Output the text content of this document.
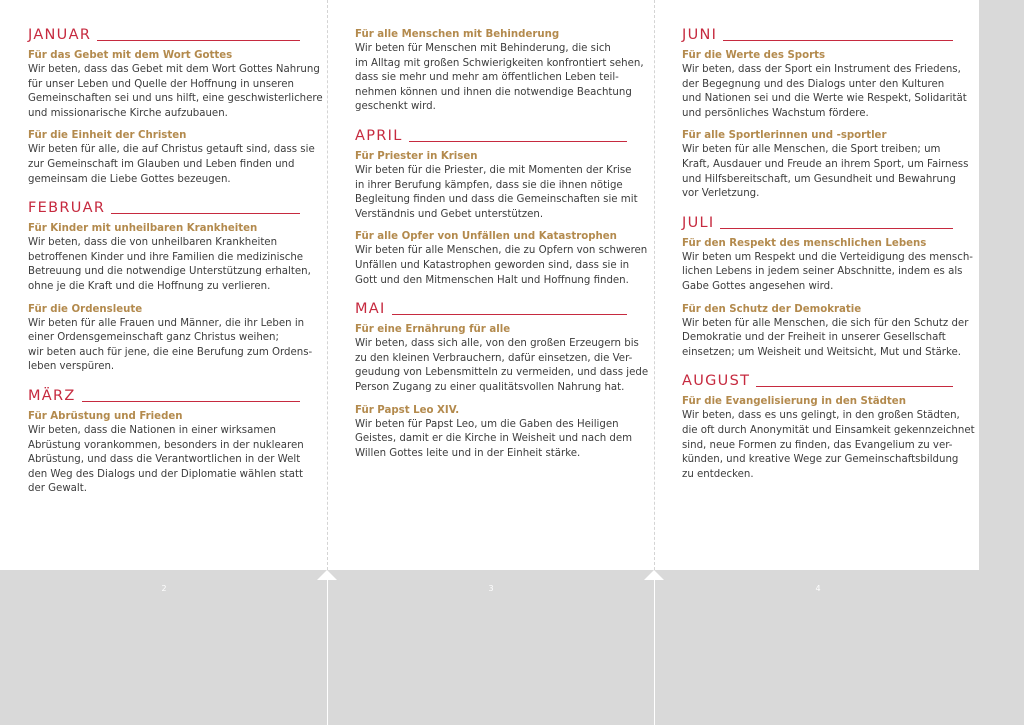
2	3	4
JANUAR
Für das Gebet mit dem Wort Gottes
Wir beten, dass das Gebet mit dem Wort Gottes Nahrung
für unser Leben und Quelle der Hoffnung in unseren
Gemeinschaften sei und uns hilft, eine geschwisterlichere
und missionarische Kirche aufzubauen.
Für die Einheit der Christen
Wir beten für alle, die auf Christus getauft sind, dass sie
zur Gemeinschaft im Glauben und Leben finden und
gemeinsam die Liebe Gottes bezeugen.
FEBRUAR
Für Kinder mit unheilbaren Krankheiten
Wir beten, dass die von unheilbaren Krankheiten
betroffenen Kinder und ihre Familien die medizinische
Betreuung und die notwendige Unterstützung erhalten,
ohne je die Kraft und die Hoffnung zu verlieren.
Für die Ordensleute
Wir beten für alle Frauen und Männer, die ihr Leben in
einer Ordensgemeinschaft ganz Christus weihen;
wir beten auch für jene, die eine Berufung zum Ordens-
leben verspüren.
MÄRZ
Für Abrüstung und Frieden
Wir beten, dass die Nationen in einer wirksamen
Abrüstung vorankommen, besonders in der nuklearen
Abrüstung, und dass die Verantwortlichen in der Welt
den Weg des Dialogs und der Diplomatie wählen statt
der Gewalt.
Für alle Menschen mit Behinderung
Wir beten für Menschen mit Behinderung, die sich
im Alltag mit großen Schwierigkeiten konfrontiert sehen,
dass sie mehr und mehr am öffentlichen Leben teil-
nehmen können und ihnen die notwendige Beachtung
geschenkt wird.
APRIL
Für Priester in Krisen
Wir beten für die Priester, die mit Momenten der Krise
in ihrer Berufung kämpfen, dass sie die ihnen nötige
Begleitung finden und dass die Gemeinschaften sie mit
Verständnis und Gebet unterstützen.
Für alle Opfer von Unfällen und Katastrophen
Wir beten für alle Menschen, die zu Opfern von schweren
Unfällen und Katastrophen geworden sind, dass sie in
Gott und den Mitmenschen Halt und Hoffnung finden.
MAI
Für eine Ernährung für alle
Wir beten, dass sich alle, von den großen Erzeugern bis
zu den kleinen Verbrauchern, dafür einsetzen, die Ver-
geudung von Lebensmitteln zu vermeiden, und dass jede
Person Zugang zu einer qualitätsvollen Nahrung hat.
Für Papst Leo XIV.
Wir beten für Papst Leo, um die Gaben des Heiligen
Geistes, damit er die Kirche in Weisheit und nach dem
Willen Gottes leite und in der Einheit stärke.
JUNI
Für die Werte des Sports
Wir beten, dass der Sport ein Instrument des Friedens,
der Begegnung und des Dialogs unter den Kulturen
und Nationen sei und die Werte wie Respekt, Solidarität
und persönliches Wachstum fördere.
Für alle Sportlerinnen und -sportler
Wir beten für alle Menschen, die Sport treiben; um
Kraft, Ausdauer und Freude an ihrem Sport, um Fairness
und Hilfsbereitschaft, um Gesundheit und Bewahrung
vor Verletzung.
JULI
Für den Respekt des menschlichen Lebens
Wir beten um Respekt und die Verteidigung des mensch-
lichen Lebens in jedem seiner Abschnitte, indem es als
Gabe Gottes angesehen wird.
Für den Schutz der Demokratie
Wir beten für alle Menschen, die sich für den Schutz der
Demokratie und der Freiheit in unserer Gesellschaft
einsetzen; um Weisheit und Weitsicht, Mut und Stärke.
AUGUST
Für die Evangelisierung in den Städten
Wir beten, dass es uns gelingt, in den großen Städten,
die oft durch Anonymität und Einsamkeit gekennzeichnet
sind, neue Formen zu finden, das Evangelium zu ver-
künden, und kreative Wege zur Gemeinschaftsbildung
zu entdecken.
